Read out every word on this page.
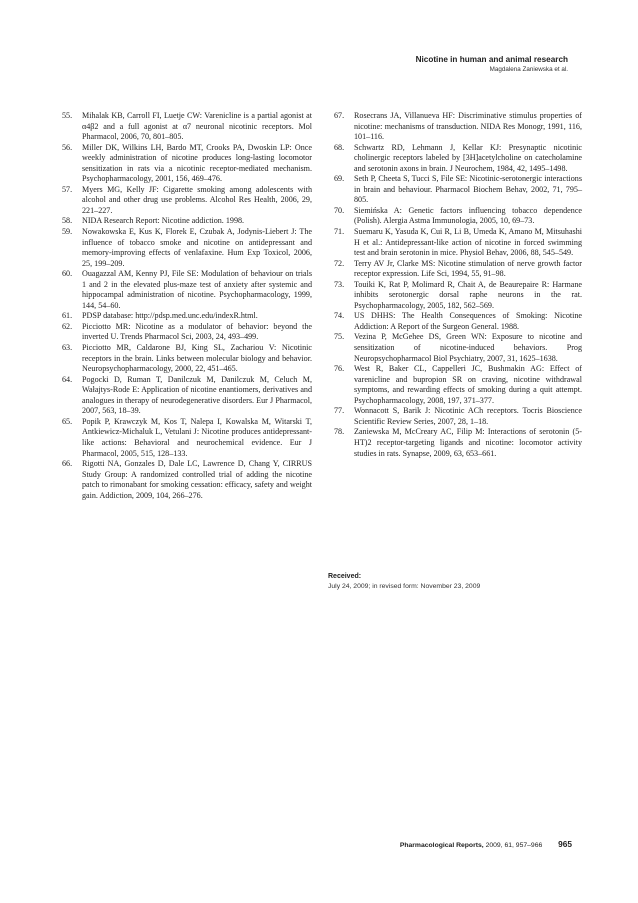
Nicotine in human and animal research
Magdalena Zaniewska et al.

55.	Mihalak KB, Carroll FI, Luetje CW: Varenicline is a partial agonist at α4β2 and a full agonist at α7 neuronal nicotinic receptors. Mol Pharmacol, 2006, 70, 801–805.

56.	Miller DK, Wilkins LH, Bardo MT, Crooks PA, Dwoskin LP: Once weekly administration of nicotine produces long-lasting locomotor sensitization in rats via a nicotinic receptor-mediated mechanism. Psychopharmacology, 2001, 156, 469–476.

57.	Myers MG, Kelly JF: Cigarette smoking among adolescents with alcohol and other drug use problems. Alcohol Res Health, 2006, 29, 221–227.

58.	NIDA Research Report: Nicotine addiction. 1998.

59.	Nowakowska E, Kus K, Florek E, Czubak A, Jodynis-Liebert J: The influence of tobacco smoke and nicotine on antidepressant and memory-improving effects of venlafaxine. Hum Exp Toxicol, 2006, 25, 199–209.

60.	Ouagazzal AM, Kenny PJ, File SE: Modulation of behaviour on trials 1 and 2 in the elevated plus-maze test of anxiety after systemic and hippocampal administration of nicotine. Psychopharmacology, 1999, 144, 54–60.

61.	PDSP database: http://pdsp.med.unc.edu/indexR.html.

62.	Picciotto MR: Nicotine as a modulator of behavior: beyond the inverted U. Trends Pharmacol Sci, 2003, 24, 493–499.

63.	Picciotto MR, Caldarone BJ, King SL, Zachariou V: Nicotinic receptors in the brain. Links between molecular biology and behavior. Neuropsychopharmacology, 2000, 22, 451–465.

64.	Pogocki D, Ruman T, Danilczuk M, Danilczuk M, Celuch M, Wałajtys-Rode E: Application of nicotine enantiomers, derivatives and analogues in therapy of neurodegenerative disorders. Eur J Pharmacol, 2007, 563, 18–39.

65.	Popik P, Krawczyk M, Kos T, Nalepa I, Kowalska M, Witarski T, Antkiewicz-Michaluk L, Vetulani J: Nicotine produces antidepressant-like actions: Behavioral and neurochemical evidence. Eur J Pharmacol, 2005, 515, 128–133.

66.	Rigotti NA, Gonzales D, Dale LC, Lawrence D, Chang Y, CIRRUS Study Group: A randomized controlled trial of adding the nicotine patch to rimonabant for smoking cessation: efficacy, safety and weight gain. Addiction, 2009, 104, 266–276.

67.	Rosecrans JA, Villanueva HF: Discriminative stimulus properties of nicotine: mechanisms of transduction. NIDA Res Monogr, 1991, 116, 101–116.

68.	Schwartz RD, Lehmann J, Kellar KJ: Presynaptic nicotinic cholinergic receptors labeled by [3H]acetylcholine on catecholamine and serotonin axons in brain. J Neurochem, 1984, 42, 1495–1498.

69.	Seth P, Cheeta S, Tucci S, File SE: Nicotinic-serotonergic interactions in brain and behaviour. Pharmacol Biochem Behav, 2002, 71, 795–805.

70.	Siemińska A: Genetic factors influencing tobacco dependence (Polish). Alergia Astma Immunologia, 2005, 10, 69–73.

71.	Suemaru K, Yasuda K, Cui R, Li B, Umeda K, Amano M, Mitsuhashi H et al.: Antidepressant-like action of nicotine in forced swimming test and brain serotonin in mice. Physiol Behav, 2006, 88, 545–549.

72.	Terry AV Jr, Clarke MS: Nicotine stimulation of nerve growth factor receptor expression. Life Sci, 1994, 55, 91–98.

73.	Touiki K, Rat P, Molimard R, Chait A, de Beaurepaire R: Harmane inhibits serotonergic dorsal raphe neurons in the rat. Psychopharmacology, 2005, 182, 562–569.

74.	US DHHS: The Health Consequences of Smoking: Nicotine Addiction: A Report of the Surgeon General. 1988.

75.	Vezina P, McGehee DS, Green WN: Exposure to nicotine and sensitization of nicotine-induced behaviors. Prog Neuropsychopharmacol Biol Psychiatry, 2007, 31, 1625–1638.

76.	West R, Baker CL, Cappelleri JC, Bushmakin AG: Effect of varenicline and bupropion SR on craving, nicotine withdrawal symptoms, and rewarding effects of smoking during a quit attempt. Psychopharmacology, 2008, 197, 371–377.

77.	Wonnacott S, Barik J: Nicotinic ACh receptors. Tocris Bioscience Scientific Review Series, 2007, 28, 1–18.

78.	Zaniewska M, McCreary AC, Filip M: Interactions of serotonin (5-HT)2 receptor-targeting ligands and nicotine: locomotor activity studies in rats. Synapse, 2009, 63, 653–661.

Received:
July 24, 2009; in revised form: November 23, 2009
Pharmacological Reports, 2009, 61, 957–966 965
